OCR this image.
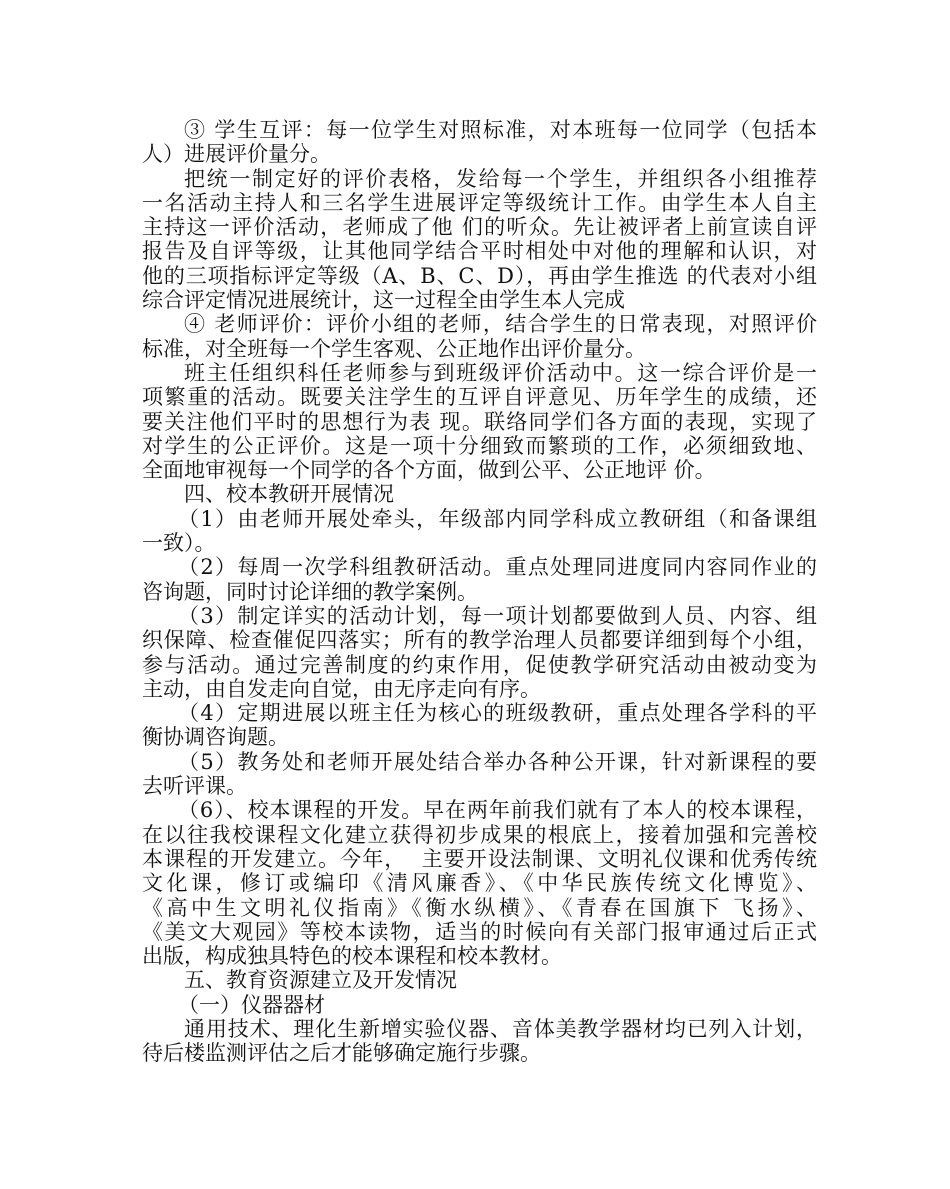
③ 学生互评：每一位学生对照标准，对本班每一位同学（包括本
人）进展评价量分。
把统一制定好的评价表格，发给每一个学生，并组织各小组推荐
一名活动主持人和三名学生进展评定等级统计工作。由学生本人自主
主持这一评价活动，老师成了他 们的听众。先让被评者上前宣读自评
报告及自评等级，让其他同学结合平时相处中对他的理解和认识，对
他的三项指标评定等级（A、B、C、D），再由学生推选 的代表对小组
综合评定情况进展统计，这一过程全由学生本人完成
④ 老师评价：评价小组的老师，结合学生的日常表现，对照评价
标准，对全班每一个学生客观、公正地作出评价量分。
班主任组织科任老师参与到班级评价活动中。这一综合评价是一
项繁重的活动。既要关注学生的互评自评意见、历年学生的成绩，还
要关注他们平时的思想行为表 现。联络同学们各方面的表现，实现了
对学生的公正评价。这是一项十分细致而繁琐的工作，必须细致地、
全面地审视每一个同学的各个方面，做到公平、公正地评 价。
四、校本教研开展情况
（1）由老师开展处牵头，年级部内同学科成立教研组（和备课组
一致）。
（2）每周一次学科组教研活动。重点处理同进度同内容同作业的
咨询题，同时讨论详细的教学案例。
（3）制定详实的活动计划，每一项计划都要做到人员、内容、组
织保障、检查催促四落实；所有的教学治理人员都要详细到每个小组，
参与活动。通过完善制度的约束作用，促使教学研究活动由被动变为
主动，由自发走向自觉，由无序走向有序。
（4）定期进展以班主任为核心的班级教研，重点处理各学科的平
衡协调咨询题。
（5）教务处和老师开展处结合举办各种公开课，针对新课程的要
去听评课。
（6）、校本课程的开发。早在两年前我们就有了本人的校本课程，
在以往我校课程文化建立获得初步成果的根底上，接着加强和完善校
本课程的开发建立。今年，  主要开设法制课、文明礼仪课和优秀传统
文化课，修订或编印《清风廉香》、《中华民族传统文化博览》、
《高中生文明礼仪指南》《衡水纵横》、《青春在国旗下 飞扬》、
《美文大观园》等校本读物，适当的时候向有关部门报审通过后正式
出版，构成独具特色的校本课程和校本教材。
五、教育资源建立及开发情况
（一）仪器器材
通用技术、理化生新增实验仪器、音体美教学器材均已列入计划，
待后楼监测评估之后才能够确定施行步骤。
